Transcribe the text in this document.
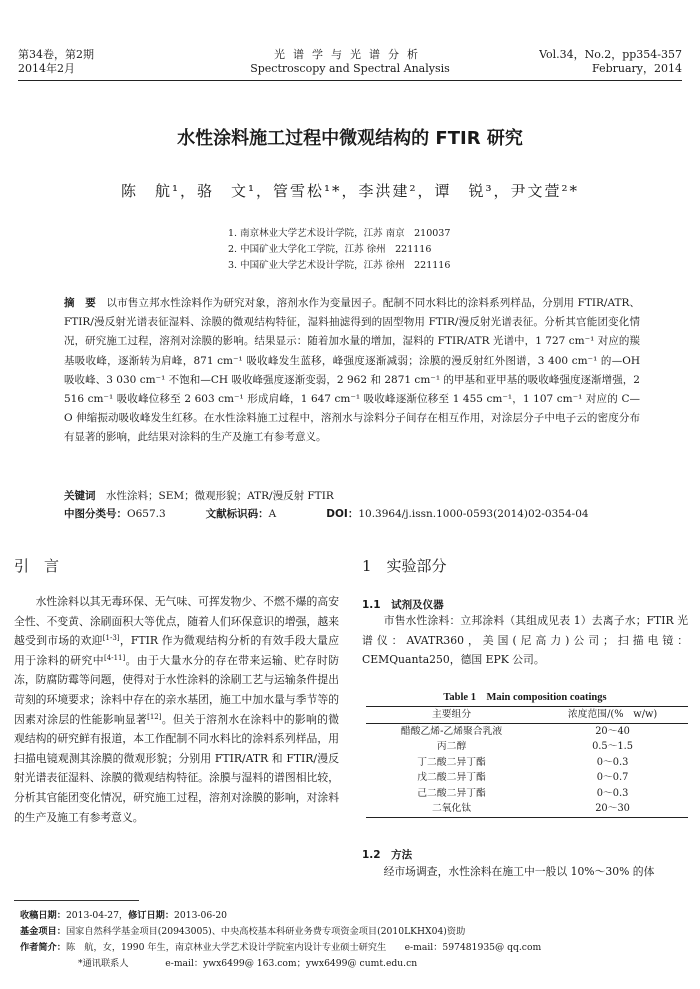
第34卷，第2期
2014年2月
光谱学与光谱分析
Spectroscopy and Spectral Analysis
Vol.34，No.2，pp354-357
February，2014
水性涂料施工过程中微观结构的 FTIR 研究
陈　航¹，骆　文¹，管雪松¹*，李洪建²，谭　锐³，尹文萱²*
1. 南京林业大学艺术设计学院，江苏 南京　210037
2. 中国矿业大学化工学院，江苏 徐州　221116
3. 中国矿业大学艺术设计学院，江苏 徐州　221116
摘　要　 以市售立邦水性涂料作为研究对象，溶剂水作为变量因子。配制不同水料比的涂料系列样品，分别用 FTIR/ATR、FTIR/漫反射光谱表征湿料、涂膜的微观结构特征，湿料抽滤得到的固型物用 FTIR/漫反射光谱表征。分析其官能团变化情况，研究施工过程，溶剂对涂膜的影响。结果显示：随着加水量的增加，湿料的 FTIR/ATR 光谱中，1 727 cm⁻¹ 对应的羰基吸收峰，逐渐转为肩峰，871 cm⁻¹ 吸收峰发生蓝移，峰强度逐渐减弱；涂膜的漫反射红外图谱，3 400 cm⁻¹ 的—OH 吸收峰、3 030 cm⁻¹ 不饱和—CH 吸收峰强度逐渐变弱，2 962 和 2871 cm⁻¹ 的甲基和亚甲基的吸收峰强度逐渐增强，2 516 cm⁻¹ 吸收峰位移至 2 603 cm⁻¹ 形成肩峰，1 647 cm⁻¹ 吸收峰逐渐位移至 1 455 cm⁻¹，1 107 cm⁻¹ 对应的 C—O 伸缩振动吸收峰发生红移。在水性涂料施工过程中，溶剂水与涂料分子间存在相互作用，对涂层分子中电子云的密度分布有显著的影响，此结果对涂料的生产及施工有参考意义。
关键词　 水性涂料；SEM；微观形貌；ATR/漫反射 FTIR
中图分类号：O657.3	文献标识码：A	DOI：10.3964/j.issn.1000-0593(2014)02-0354-04
引　言	1　实验部分

水性涂料以其无毒环保、无气味、可挥发物少、不燃不爆的高安全性、不变黄、涂刷面积大等优点，随着人们环保意识的增强，越来越受到市场的欢迎[1-3]，FTIR 作为微观结构分析的有效手段大量应用于涂料的研究中[4-11]。由于大量水分的存在带来运输、贮存时防冻，防腐防霉等问题，使得对于水性涂料的涂刷工艺与运输条件提出苛刻的环境要求；涂料中存在的亲水基团，施工中加水量与季节等的因素对涂层的性能影响显著[12]。但关于溶剂水在涂料中的影响的微观结构的研究鲜有报道，本工作配制不同水料比的涂料系列样品，用扫描电镜观测其涂膜的微观形貌；分别用 FTIR/ATR 和 FTIR/漫反射光谱表征湿料、涂膜的微观结构特征。涂膜与湿料的谱图相比较，分析其官能团变化情况，研究施工过程，溶剂对涂膜的影响，对涂料的生产及施工有参考意义。

1.1　试剂及仪器

市售水性涂料：立邦涂料（其组成见表 1）去离子水；FTIR 光谱仪：AVATR360，美国(尼高力)公司；扫描电镜：CEMQuanta250，德国 EPK 公司。

Table 1　Main composition coatings
主要组分	浓度范围/(%　w/w)
醋酸乙烯-乙烯聚合乳液	20～40
丙二醇	0.5～1.5
丁二酸二异丁酯	0～0.3
戊二酸二异丁酯	0～0.7
己二酸二异丁酯	0～0.3
二氧化钛	20～30
1.2　方法

经市场调查，水性涂料在施工中一般以 10%～30% 的体

收稿日期：2013-04-27，修订日期：2013-06-20
基金项目：国家自然科学基金项目(20943005)、中央高校基本科研业务费专项资金项目(2010LKHX04)资助
作者简介：陈　航，女，1990 年生，南京林业大学艺术设计学院室内设计专业硕士研究生　　e-mail：597481935@ qq.com
*通讯联系人　　　　	e-mail：ywx6499@ 163.com；ywx6499@ cumt.edu.cn
